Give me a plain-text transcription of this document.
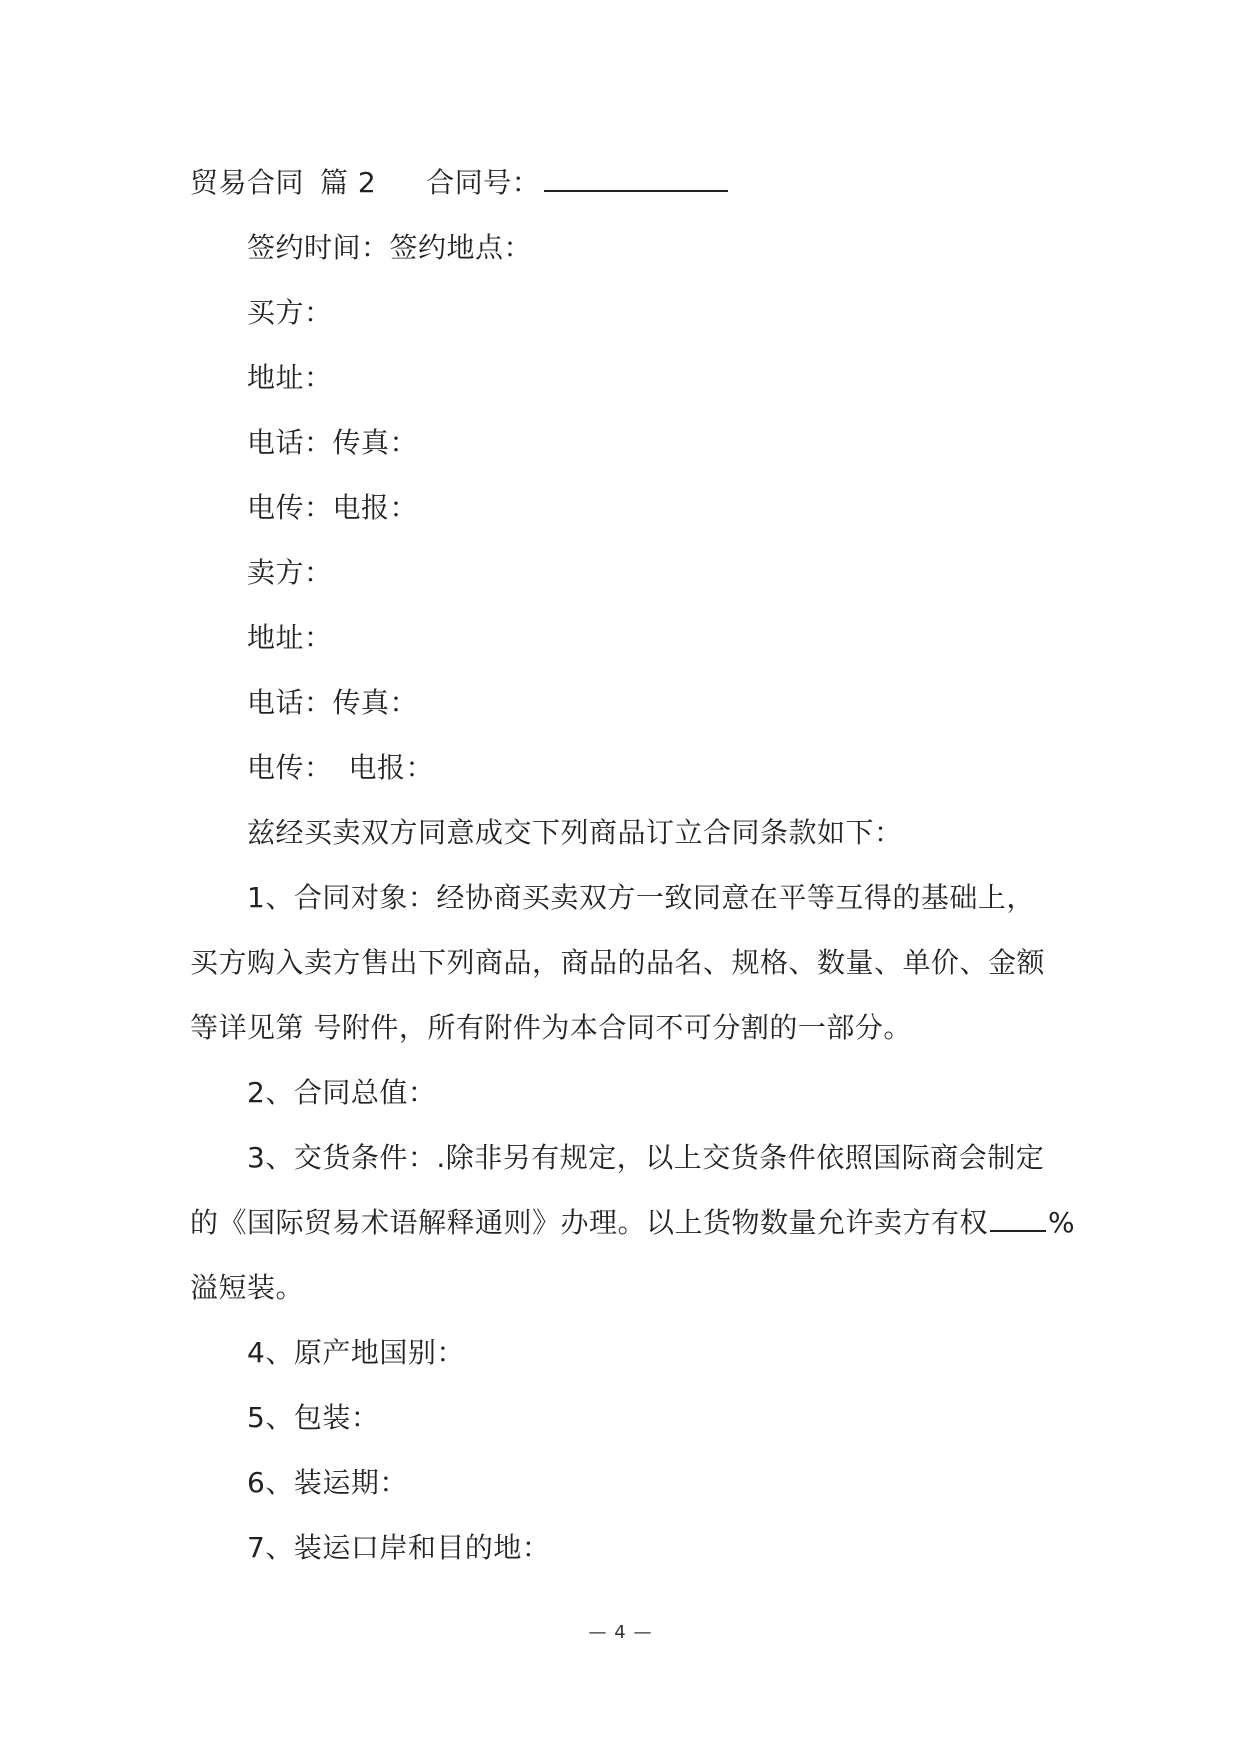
贸易合同 篇 2 合同号：
签约时间：签约地点：
买方：
地址：
电话：传真：
电传：电报：
卖方：
地址：
电话：传真：
电传： 电报：
兹经买卖双方同意成交下列商品订立合同条款如下：
1、合同对象：经协商买卖双方一致同意在平等互得的基础上，
买方购入卖方售出下列商品，商品的品名、规格、数量、单价、金额
等详见第 号附件，所有附件为本合同不可分割的一部分。
2、合同总值：
3、交货条件：.除非另有规定，以上交货条件依照国际商会制定
的《国际贸易术语解释通则》办理。以上货物数量允许卖方有权 %
溢短装。
4、原产地国别：
5、包装：
6、装运期：
7、装运口岸和目的地：
— 4 —
